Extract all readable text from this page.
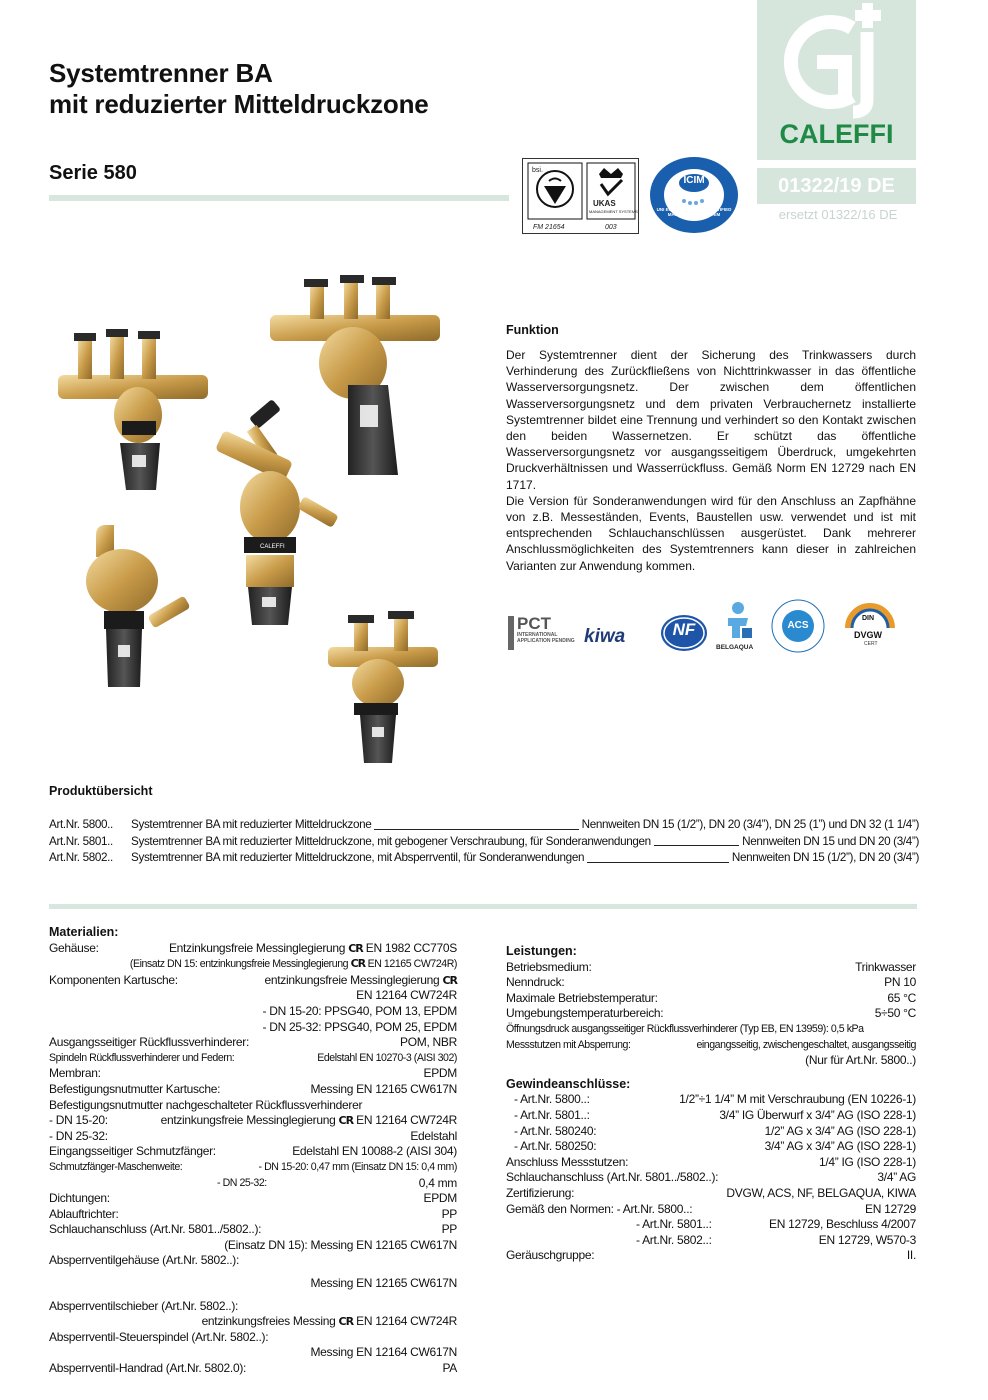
Systemtrenner BA
mit reduzierter Mitteldruckzone
Serie 580
CALEFFI
01322/19 DE
ersetzt 01322/16 DE
bsi.
FM 21654
UKAS
MANAGEMENT SYSTEMS
003
ICIM
UNI EN ISO 9001:2015 · CERTIFIED MANAGEMENT SYSTEM
CALEFFI
Funktion

Der Systemtrenner dient der Sicherung des Trinkwassers durch Verhinderung des Zurückfließens von Nichttrinkwasser in das öffentliche Wasserversorgungsnetz. Der zwischen dem öffentlichen Wasserversorgungsnetz und dem privaten Verbrauchernetz installierte Systemtrenner bildet eine Trennung und verhindert so den Kontakt zwischen den beiden Wassernetzen. Er schützt das öffentliche Wasserversorgungsnetz vor ausgangsseitigem Überdruck, umgekehrten Druckverhältnissen und Wasserrückfluss. Gemäß Norm EN 12729 nach EN 1717.

Die Version für Sonderanwendungen wird für den Anschluss an Zapfhähne von z.B. Messeständen, Events, Baustellen usw. verwendet und ist mit entsprechenden Schlauchanschlüssen ausgerüstet. Dank mehrerer Anschlussmöglichkeiten des Systemtrenners kann dieser in zahlreichen Varianten zur Anwendung kommen.

PCT
INTERNATIONAL APPLICATION PENDING kiwa	NF
BELGAQUA
ACS
DIN
DVGW
CERT
Produktübersicht
Art.Nr. 5800..	Systemtrenner BA mit reduzierter Mitteldruckzone	Nennweiten DN 15 (1/2”), DN 20 (3/4”), DN 25 (1”) und DN 32 (1 1/4”)
Art.Nr. 5801..	Systemtrenner BA mit reduzierter Mitteldruckzone, mit gebogener Verschraubung, für Sonderanwendungen	Nennweiten DN 15 und DN 20 (3/4”)
Art.Nr. 5802..	Systemtrenner BA mit reduzierter Mitteldruckzone, mit Absperrventil, für Sonderanwendungen	Nennweiten DN 15 (1/2”), DN 20 (3/4”)
Materialien:
Gehäuse:	Entzinkungsfreie Messinglegierung CR EN 1982 CC770S
(Einsatz DN 15: entzinkungsfreie Messinglegierung CR EN 12165 CW724R)
Komponenten Kartusche:	entzinkungsfreie Messinglegierung CR
EN 12164 CW724R
- DN 15-20: PPSG40, POM 13, EPDM
- DN 25-32: PPSG40, POM 25, EPDM
Ausgangsseitiger Rückflussverhinderer:	POM, NBR
Spindeln Rückflussverhinderer und Federn:	Edelstahl EN 10270-3 (AISI 302)
Membran:	EPDM
Befestigungsnutmutter Kartusche:	Messing EN 12165 CW617N
Befestigungsnutmutter nachgeschalteter Rückflussverhinderer
- DN 15-20:	entzinkungsfreie Messinglegierung CR EN 12164 CW724R
- DN 25-32:	Edelstahl
Eingangsseitiger Schmutzfänger:	Edelstahl EN 10088-2 (AISI 304)
Schmutzfänger-Maschenweite:	- DN 15-20: 0,47 mm (Einsatz DN 15: 0,4 mm)
- DN 25-32:	0,4 mm
Dichtungen:	EPDM
Ablauftrichter:	PP
Schlauchanschluss (Art.Nr. 5801../5802..):	PP
(Einsatz DN 15): Messing EN 12165 CW617N
Absperrventilgehäuse (Art.Nr. 5802..):
Messing EN 12165 CW617N
Absperrventilschieber (Art.Nr. 5802..):
entzinkungsfreies Messing CR EN 12164 CW724R
Absperrventil-Steuerspindel (Art.Nr. 5802..):
Messing EN 12164 CW617N
Absperrventil-Handrad (Art.Nr. 5802.0):	PA
Leistungen:
Betriebsmedium:	Trinkwasser
Nenndruck:	PN 10
Maximale Betriebstemperatur:	65 °C
Umgebungstemperaturbereich:	5÷50 °C
Öffnungsdruck ausgangsseitiger Rückflussverhinderer (Typ EB, EN 13959): 0,5 kPa
Messstutzen mit Absperrung:	eingangsseitig, zwischengeschaltet, ausgangsseitig
(Nur für Art.Nr. 5800..)
Gewindeanschlüsse:
- Art.Nr. 5800..:	1/2”÷1 1/4” M mit Verschraubung (EN 10226-1)
- Art.Nr. 5801..:	3/4” IG Überwurf x 3/4” AG (ISO 228-1)
- Art.Nr. 580240:	1/2” AG x 3/4” AG (ISO 228-1)
- Art.Nr. 580250:	3/4” AG x 3/4” AG (ISO 228-1)
Anschluss Messstutzen:	1/4” IG (ISO 228-1)
Schlauchanschluss (Art.Nr. 5801../5802..):	3/4” AG
Zertifizierung:	DVGW, ACS, NF, BELGAQUA, KIWA
Gemäß den Normen: - Art.Nr. 5800..:	EN 12729
- Art.Nr. 5801..:	EN 12729, Beschluss 4/2007
- Art.Nr. 5802..:	EN 12729, W570-3
Geräuschgruppe:	II.
